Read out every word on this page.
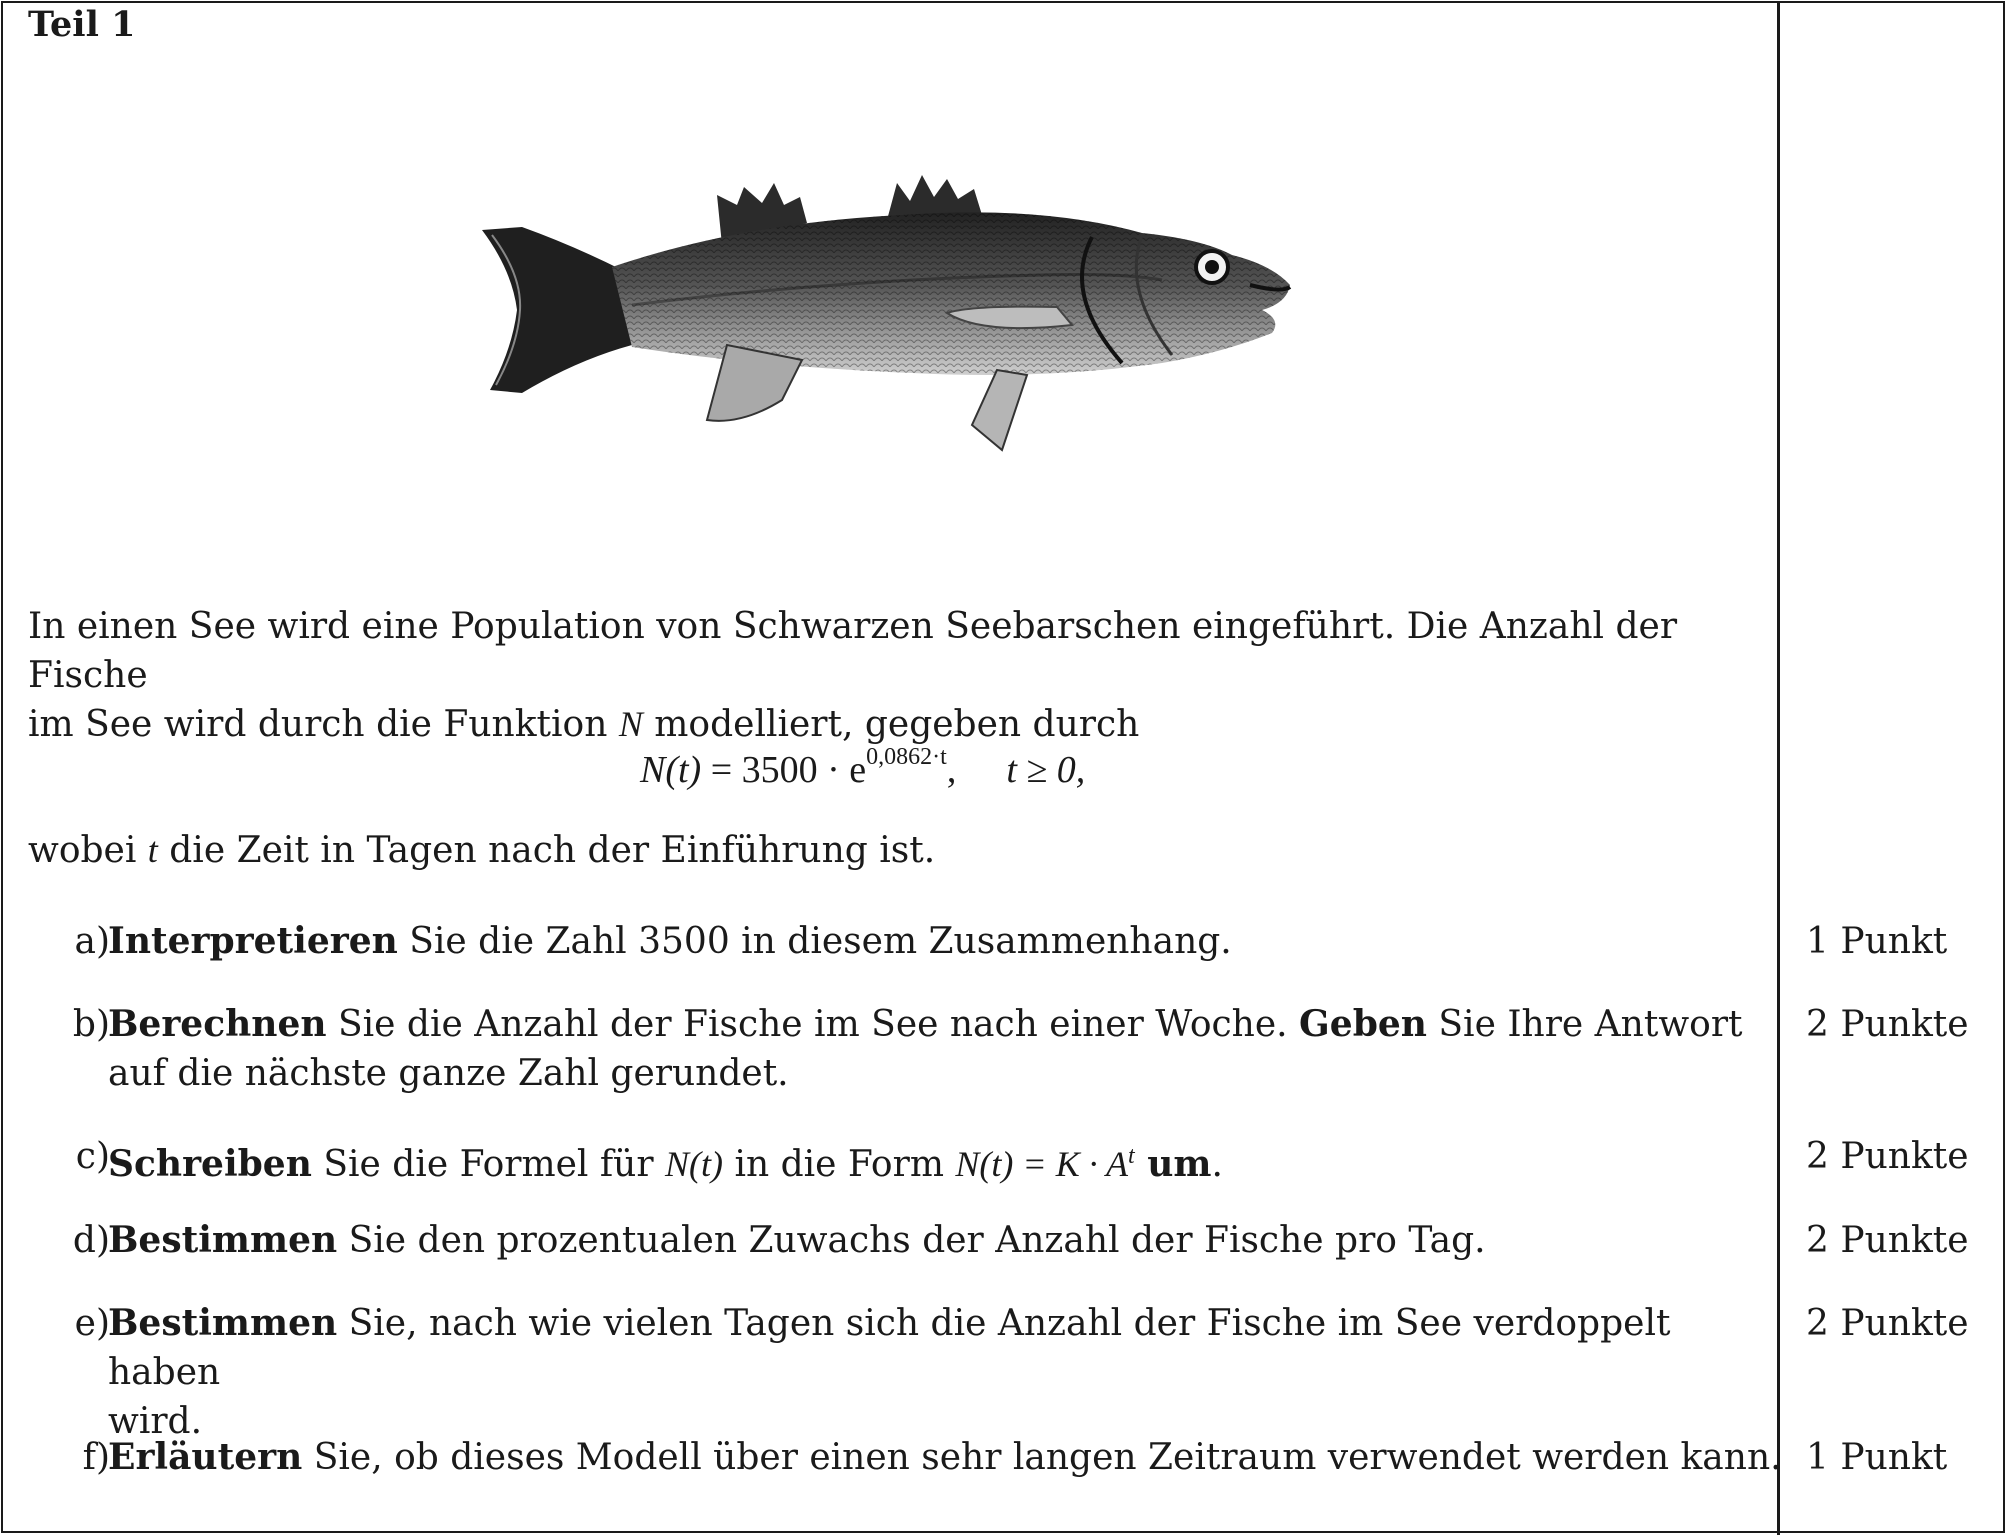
Teil 1
In einen See wird eine Population von Schwarzen Seebarschen eingeführt. Die Anzahl der Fische
im See wird durch die Funktion N modelliert, gegeben durch
$N(t) = 3500 \cdot e^{0,0862\cdot t}$, t ≥ 0,
wobei t die Zeit in Tagen nach der Einführung ist.
a)
Interpretieren Sie die Zahl 3500 in diesem Zusammenhang.	1 Punkt
b)
Berechnen Sie die Anzahl der Fische im See nach einer Woche. Geben Sie Ihre Antwort
auf die nächste ganze Zahl gerundet.
2 Punkte
c)
Schreiben Sie die Formel für N(t) in die Form $N(t) = K \cdot A^t$ um.	2 Punkte
d)
Bestimmen Sie den prozentualen Zuwachs der Anzahl der Fische pro Tag.	2 Punkte
e)
Bestimmen Sie, nach wie vielen Tagen sich die Anzahl der Fische im See verdoppelt haben
wird.
2 Punkte
f)
Erläutern Sie, ob dieses Modell über einen sehr langen Zeitraum verwendet werden kann. 1 Punkt
